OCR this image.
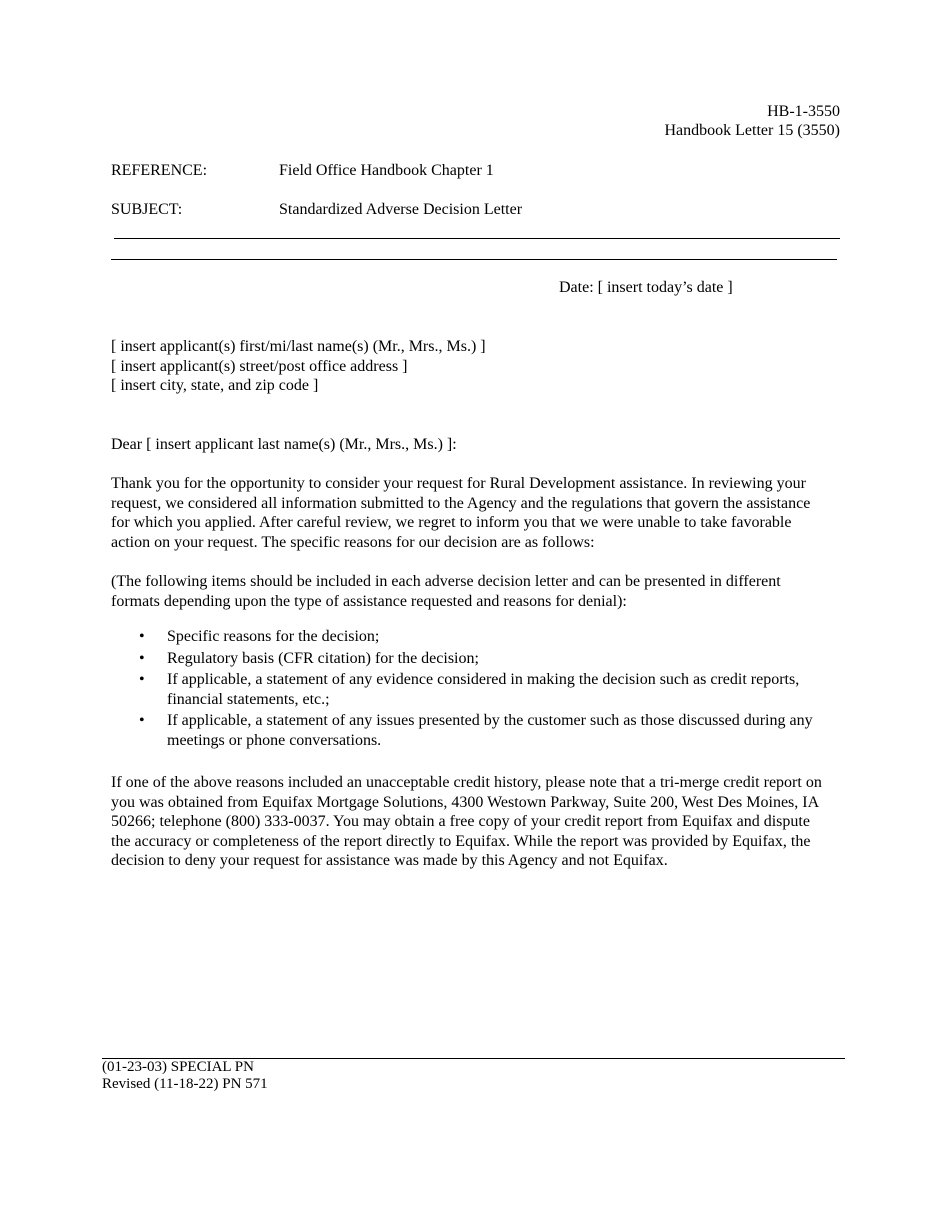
HB-1-3550
Handbook Letter 15 (3550)
REFERENCE:	Field Office Handbook Chapter 1
SUBJECT:	Standardized Adverse Decision Letter
Date: [ insert today’s date ]
[ insert applicant(s) first/mi/last name(s) (Mr., Mrs., Ms.) ]
[ insert applicant(s) street/post office address ]
[ insert city, state, and zip code ]
Dear [ insert applicant last name(s) (Mr., Mrs., Ms.) ]:

Thank you for the opportunity to consider your request for Rural Development assistance. In reviewing your request, we considered all information submitted to the Agency and the regulations that govern the assistance for which you applied. After careful review, we regret to inform you that we were unable to take favorable action on your request. The specific reasons for our decision are as follows:

(The following items should be included in each adverse decision letter and can be presented in different formats depending upon the type of assistance requested and reasons for denial):

• Specific reasons for the decision;
• Regulatory basis (CFR citation) for the decision;
• If applicable, a statement of any evidence considered in making the decision such as credit reports, financial statements, etc.;
• If applicable, a statement of any issues presented by the customer such as those discussed during any meetings or phone conversations.

If one of the above reasons included an unacceptable credit history, please note that a tri-merge credit report on you was obtained from Equifax Mortgage Solutions, 4300 Westown Parkway, Suite 200, West Des Moines, IA 50266; telephone (800) 333-0037. You may obtain a free copy of your credit report from Equifax and dispute the accuracy or completeness of the report directly to Equifax. While the report was provided by Equifax, the decision to deny your request for assistance was made by this Agency and not Equifax.

(01-23-03) SPECIAL PN
Revised (11-18-22) PN 571
